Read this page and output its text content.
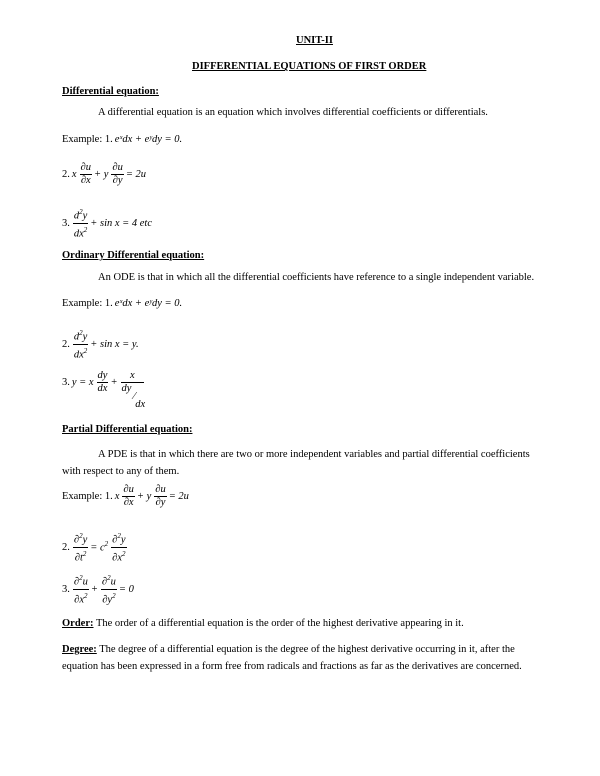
UNIT-II
DIFFERENTIAL EQUATIONS OF FIRST ORDER
Differential equation:
A differential equation is an equation which involves differential coefficients or differentials.
Example: 1. eˣdx + eʸdy = 0.
2. x $\frac{\partial u}{\partial x} + y \frac{\partial u}{\partial y} = 2u$
3. $\frac{d^2y}{dx^2} + \sin x = 4$ etc
Ordinary Differential equation:
An ODE is that in which all the differential coefficients have reference to a single independent variable.
Example: 1. eˣdx + eʸdy = 0.
2. $\frac{d^2y}{dx^2} + \sin x = y$.
3. y = x $\frac{dy}{dx} + \frac{x}{dy⁄dx}$
Partial Differential equation:
A PDE is that in which there are two or more independent variables and partial differential coefficients with respect to any of them.
Example: 1. x $\frac{\partial u}{\partial x} + y \frac{\partial u}{\partial y} = 2u$
2. $\frac{\partial^2y}{\partial t^2} = c^2 \frac{\partial^2y}{\partial x^2}$
3. $\frac{\partial^2u}{\partial x^2} + \frac{\partial^2u}{\partial y^2} = 0$
Order: The order of a differential equation is the order of the highest derivative appearing in it.
Degree: The degree of a differential equation is the degree of the highest derivative occurring in it, after the equation has been expressed in a form free from radicals and fractions as far as the derivatives are concerned.
